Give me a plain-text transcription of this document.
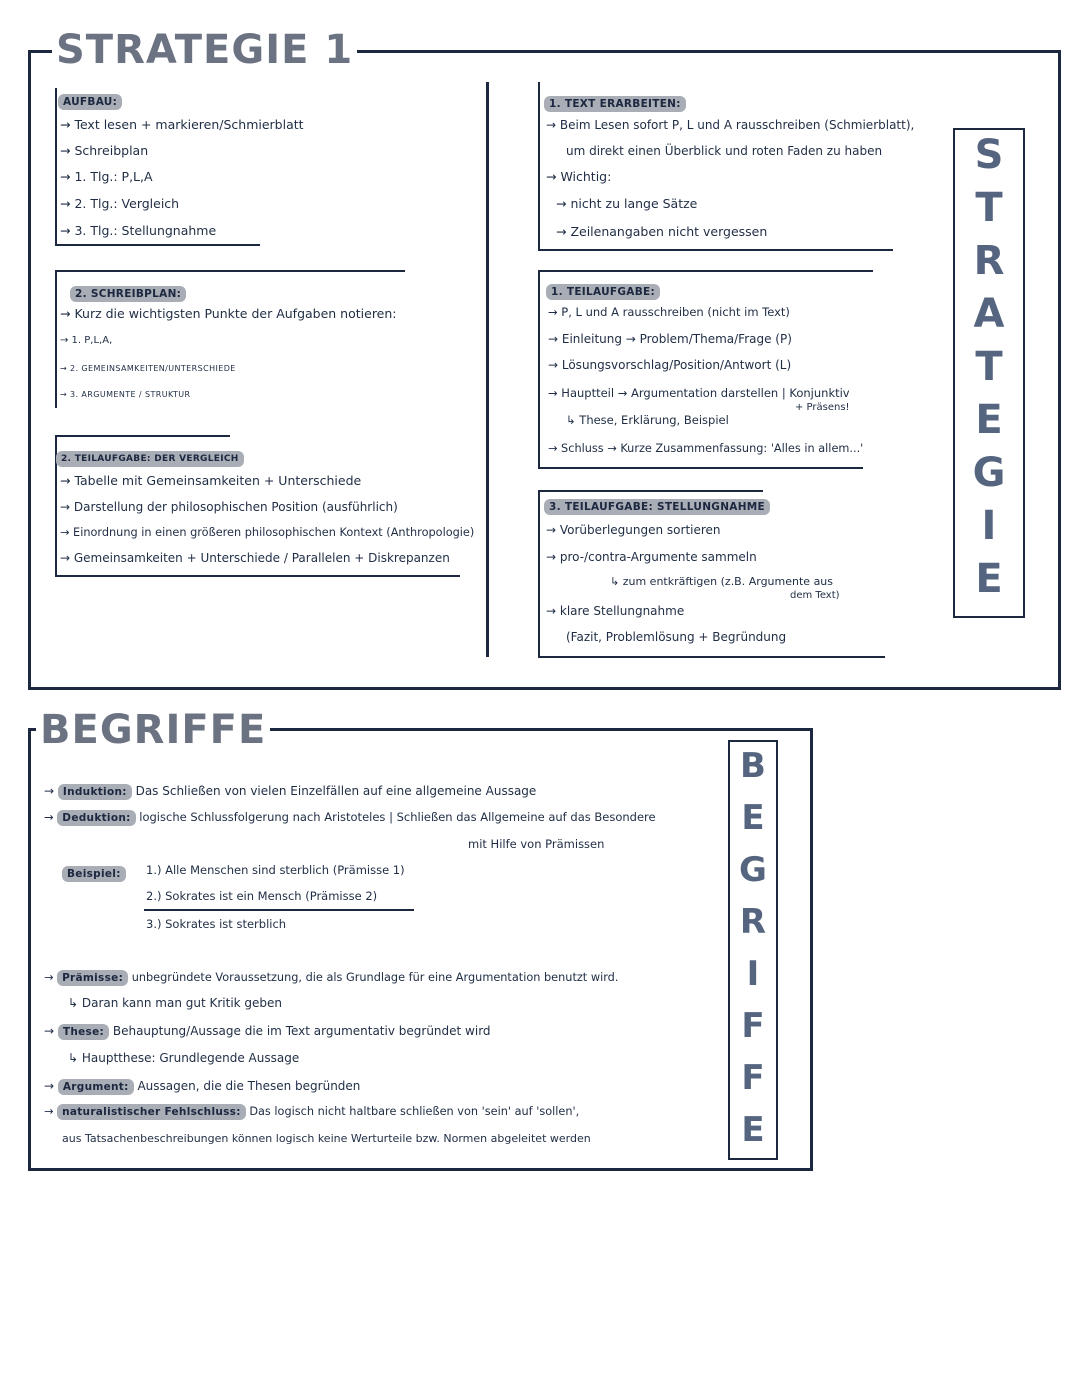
STRATEGIE 1
AUFBAU:
→ Text lesen + markieren/Schmierblatt
→ Schreibplan
→ 1. Tlg.: P,L,A
→ 2. Tlg.: Vergleich
→ 3. Tlg.: Stellungnahme
2. SCHREIBPLAN:
→ Kurz die wichtigsten Punkte der Aufgaben notieren:
→ 1. P,L,A,
→ 2. GEMEINSAMKEITEN/UNTERSCHIEDE
→ 3. ARGUMENTE / STRUKTUR
2. TEILAUFGABE: DER VERGLEICH
→ Tabelle mit Gemeinsamkeiten + Unterschiede
→ Darstellung der philosophischen Position (ausführlich)
→ Einordnung in einen größeren philosophischen Kontext (Anthropologie)
→ Gemeinsamkeiten + Unterschiede / Parallelen + Diskrepanzen
1. TEXT ERARBEITEN:
→ Beim Lesen sofort P, L und A rausschreiben (Schmierblatt),
um direkt einen Überblick und roten Faden zu haben
→ Wichtig:
→ nicht zu lange Sätze
→ Zeilenangaben nicht vergessen
1. TEILAUFGABE:
→ P, L und A rausschreiben (nicht im Text)
→ Einleitung → Problem/Thema/Frage (P)
→ Lösungsvorschlag/Position/Antwort (L)
→ Hauptteil → Argumentation darstellen | Konjunktiv
+ Präsens!
↳ These, Erklärung, Beispiel
→ Schluss → Kurze Zusammenfassung: 'Alles in allem...'
3. TEILAUFGABE: STELLUNGNAHME
→ Vorüberlegungen sortieren
→ pro-/contra-Argumente sammeln
↳ zum entkräftigen (z.B. Argumente aus
dem Text)
→ klare Stellungnahme
(Fazit, Problemlösung + Begründung
S
T
R
A
T
E
G
I
E
BEGRIFFE
→ Induktion: Das Schließen von vielen Einzelfällen auf eine allgemeine Aussage
→ Deduktion: logische Schlussfolgerung nach Aristoteles | Schließen das Allgemeine auf das Besondere
mit Hilfe von Prämissen
Beispiel:	1.) Alle Menschen sind sterblich (Prämisse 1)
2.) Sokrates ist ein Mensch (Prämisse 2)
3.) Sokrates ist sterblich
→ Prämisse: unbegründete Voraussetzung, die als Grundlage für eine Argumentation benutzt wird.
↳ Daran kann man gut Kritik geben
→ These: Behauptung/Aussage die im Text argumentativ begründet wird
↳ Hauptthese: Grundlegende Aussage
→ Argument: Aussagen, die die Thesen begründen
→ naturalistischer Fehlschluss: Das logisch nicht haltbare schließen von 'sein' auf 'sollen',
aus Tatsachenbeschreibungen können logisch keine Werturteile bzw. Normen abgeleitet werden
B
E
G
R
I
F
F
E
